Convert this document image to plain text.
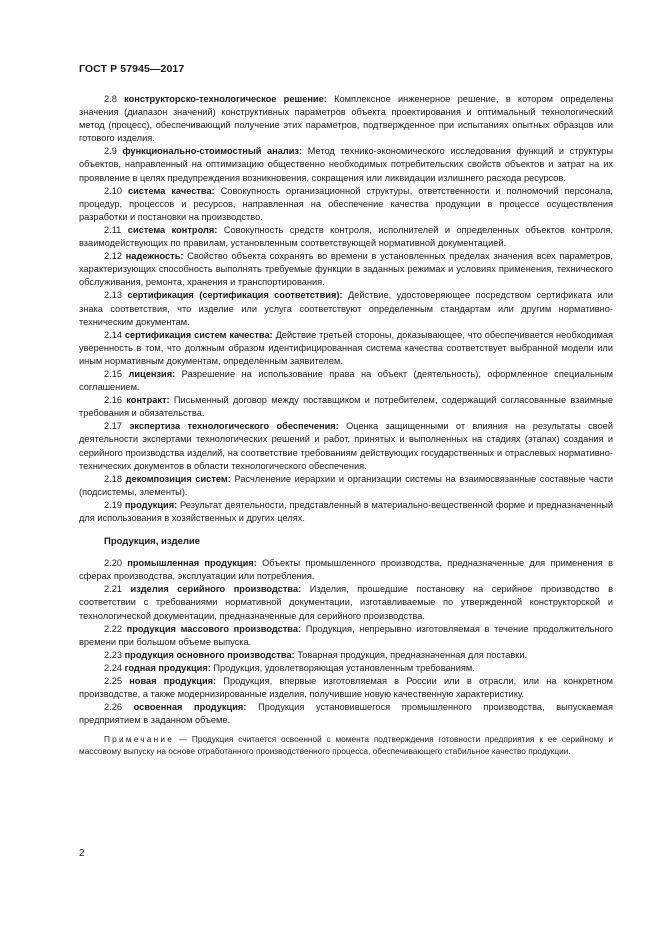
ГОСТ Р 57945—2017

2.8 конструкторско-технологическое решение: Комплексное инженерное решение, в котором определены значения (диапазон значений) конструктивных параметров объекта проектирования и оптимальный технологический метод (процесс), обеспечивающий получение этих параметров, подтвержденное при испытаниях опытных образцов или готового изделия.

2.9 функционально-стоимостный анализ: Метод технико-экономического исследования функций и структуры объектов, направленный на оптимизацию общественно необходимых потребительских свойств объектов и затрат на их проявление в целях предупреждения возникновения, сокращения или ликвидации излишнего расхода ресурсов.

2.10 система качества: Совокупность организационной структуры, ответственности и полномочий персонала, процедур, процессов и ресурсов, направленная на обеспечение качества продукции в процессе осуществления разработки и постановки на производство.

2.11 система контроля: Совокупность средств контроля, исполнителей и определенных объектов контроля, взаимодействующих по правилам, установленным соответствующей нормативной документацией.

2.12 надежность: Свойство объекта сохранять во времени в установленных пределах значения всех параметров, характеризующих способность выполнять требуемые функции в заданных режимах и условиях применения, технического обслуживания, ремонта, хранения и транспортирования.

2.13 сертификация (сертификация соответствия): Действие, удостоверяющее посредством сертификата или знака соответствия, что изделие или услуга соответствуют определенным стандартам или другим нормативно-техническим документам.

2.14 сертификация систем качества: Действие третьей стороны, доказывающее, что обеспечивается необходимая уверенность в том, что должным образом идентифицированная система качества соответствует выбранной модели или иным нормативным документам, определенным заявителем.

2.15 лицензия: Разрешение на использование права на объект (деятельность), оформленное специальным соглашением.

2.16 контракт: Письменный договор между поставщиком и потребителем, содержащий согласованные взаимные требования и обязательства.

2.17 экспертиза технологического обеспечения: Оценка защищенными от влияния на результаты своей деятельности экспертами технологических решений и работ, принятых и выполненных на стадиях (этапах) создания и серийного производства изделий, на соответствие требованиям действующих государственных и отраслевых нормативно-технических документов в области технологического обеспечения.

2.18 декомпозиция систем: Расчленение иерархии и организации системы на взаимосвязанные составные части (подсистемы, элементы).

2.19 продукция: Результат деятельности, представленный в материально-вещественной форме и предназначенный для использования в хозяйственных и других целях.

Продукция, изделие

2.20 промышленная продукция: Объекты промышленного производства, предназначенные для применения в сферах производства, эксплуатации или потребления.

2.21 изделия серийного производства: Изделия, прошедшие постановку на серийное производство в соответствии с требованиями нормативной документации, изготавливаемые по утвержденной конструкторской и технологической документации, предназначенные для серийного производства.

2.22 продукция массового производства: Продукция, непрерывно изготовляемая в течение продолжительного времени при большом объеме выпуска.

2.23 продукция основного производства: Товарная продукция, предназначенная для поставки.

2.24 годная продукция: Продукция, удовлетворяющая установленным требованиям.

2.25 новая продукция: Продукция, впервые изготовляемая в России или в отрасли, или на конкретном производстве, а также модернизированные изделия, получившие новую качественную характеристику.

2.26 освоенная продукция: Продукция установившегося промышленного производства, выпускаемая предприятием в заданном объеме.

Примечание — Продукция считается освоенной с момента подтверждения готовности предприятия к ее серийному и массовому выпуску на основе отработанного производственного процесса, обеспечивающего стабильное качество продукции.

2
